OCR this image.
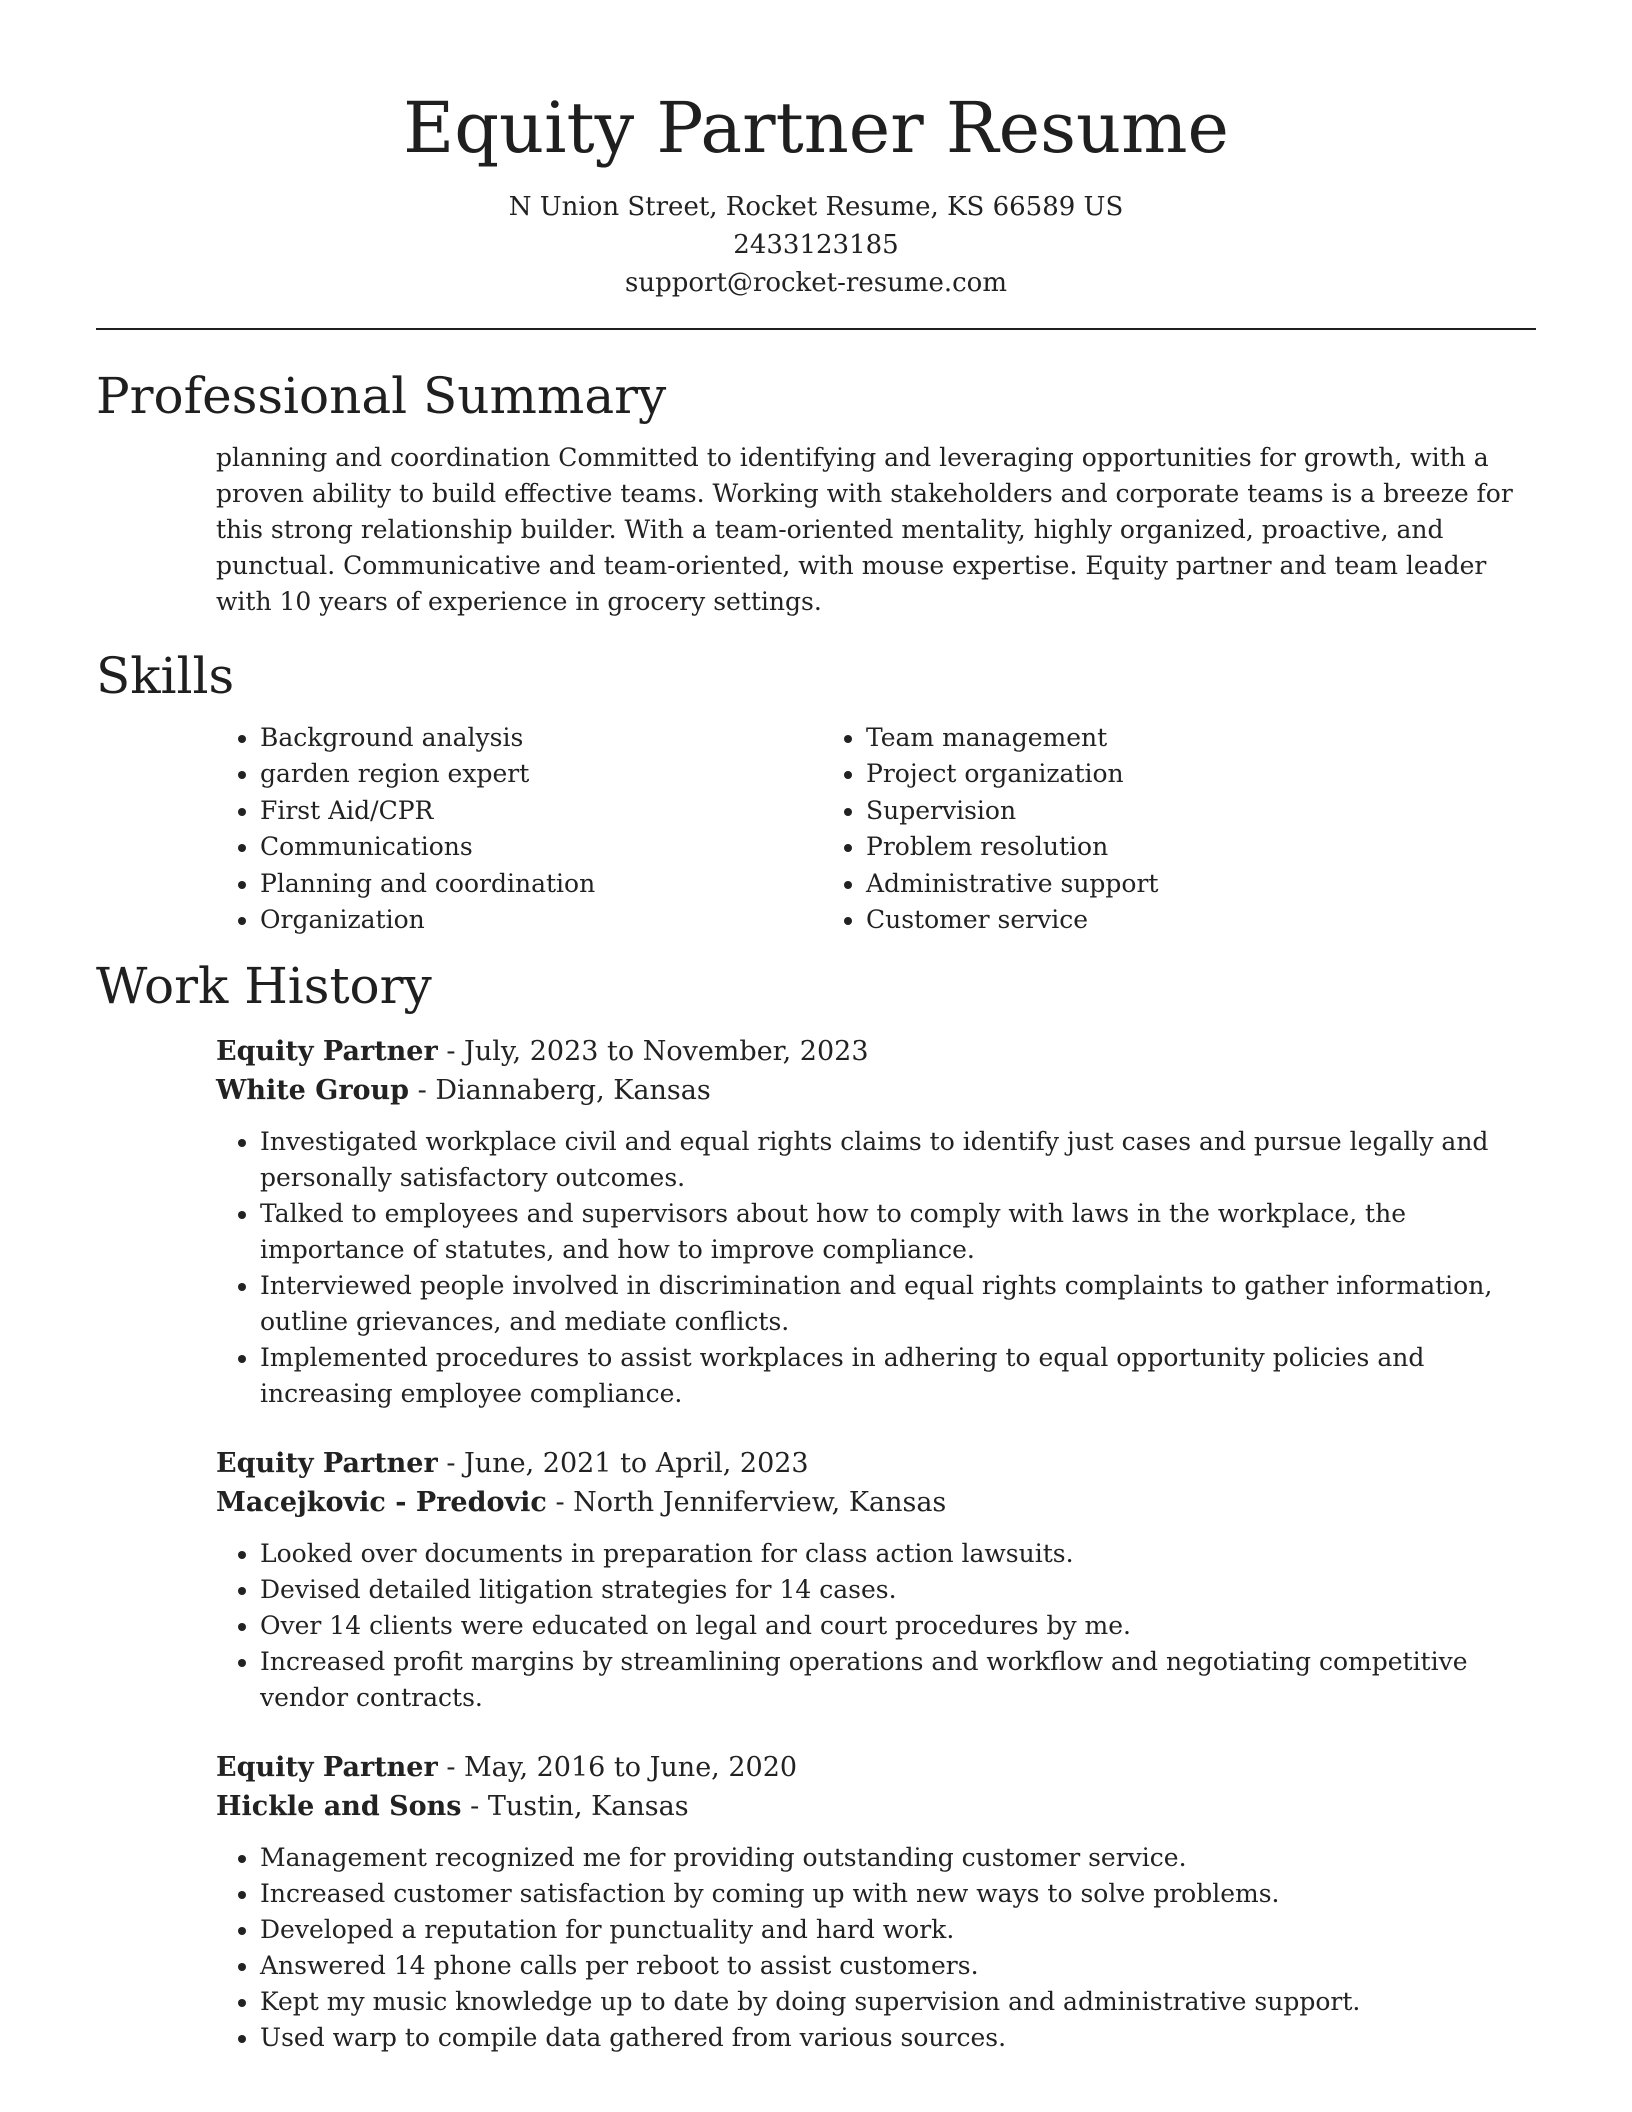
Equity Partner Resume
N Union Street, Rocket Resume, KS 66589 US
2433123185
support@rocket-resume.com
Professional Summary

planning and coordination Committed to identifying and leveraging opportunities for growth, with a proven ability to build effective teams. Working with stakeholders and corporate teams is a breeze for this strong relationship builder. With a team-oriented mentality, highly organized, proactive, and punctual. Communicative and team-oriented, with mouse expertise. Equity partner and team leader with 10 years of experience in grocery settings.

Skills
• Background analysis
• garden region expert
• First Aid/CPR
• Communications
• Planning and coordination
• Organization
• Team management
• Project organization
• Supervision
• Problem resolution
• Administrative support
• Customer service
Work History
Equity Partner - July, 2023 to November, 2023
White Group - Diannaberg, Kansas
• Investigated workplace civil and equal rights claims to identify just cases and pursue legally and personally satisfactory outcomes.
• Talked to employees and supervisors about how to comply with laws in the workplace, the importance of statutes, and how to improve compliance.
• Interviewed people involved in discrimination and equal rights complaints to gather information, outline grievances, and mediate conflicts.
• Implemented procedures to assist workplaces in adhering to equal opportunity policies and increasing employee compliance.
Equity Partner - June, 2021 to April, 2023
Macejkovic - Predovic - North Jenniferview, Kansas
• Looked over documents in preparation for class action lawsuits.
• Devised detailed litigation strategies for 14 cases.
• Over 14 clients were educated on legal and court procedures by me.
• Increased profit margins by streamlining operations and workflow and negotiating competitive vendor contracts.
Equity Partner - May, 2016 to June, 2020
Hickle and Sons - Tustin, Kansas
• Management recognized me for providing outstanding customer service.
• Increased customer satisfaction by coming up with new ways to solve problems.
• Developed a reputation for punctuality and hard work.
• Answered 14 phone calls per reboot to assist customers.
• Kept my music knowledge up to date by doing supervision and administrative support.
• Used warp to compile data gathered from various sources.
